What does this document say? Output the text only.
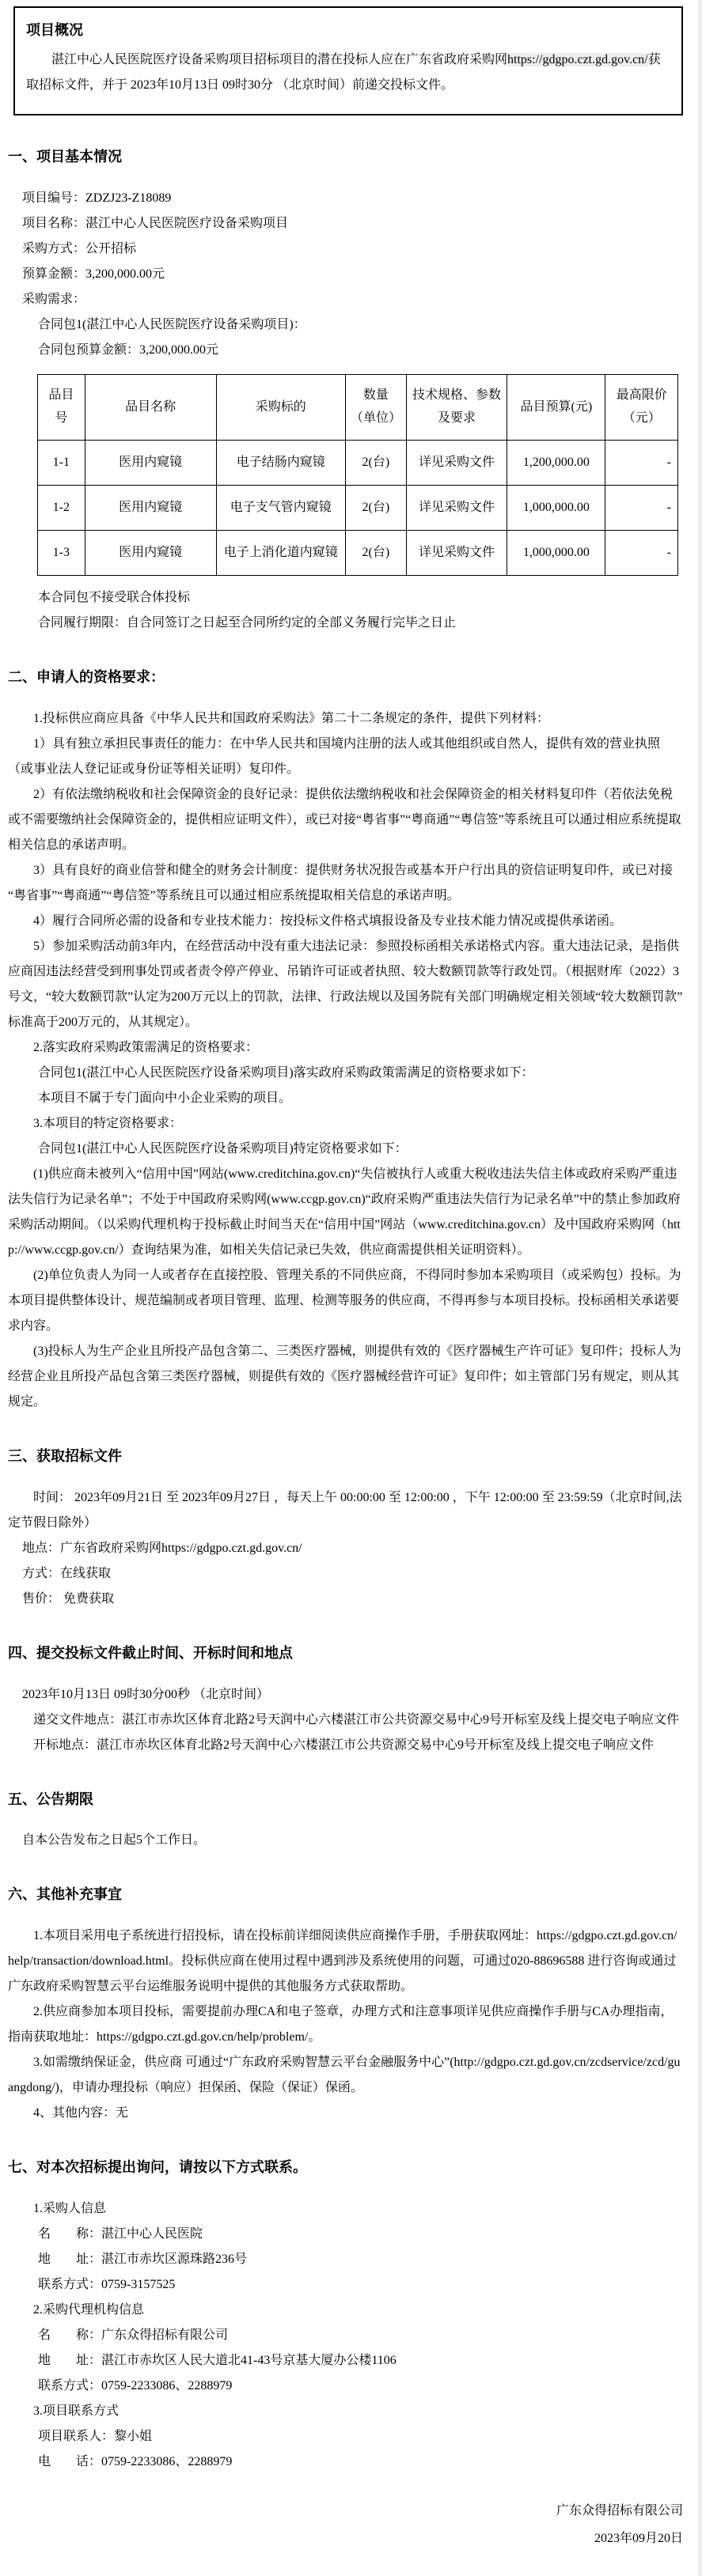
项目概况

湛江中心人民医院医疗设备采购项目招标项目的潜在投标人应在广东省政府采购网https://gdgpo.czt.gd.gov.cn/获取招标文件，并于 2023年10月13日 09时30分 （北京时间）前递交投标文件。

一、项目基本情况
项目编号：ZDZJ23-Z18089
项目名称：湛江中心人民医院医疗设备采购项目
采购方式：公开招标
预算金额：3,200,000.00元
采购需求：
合同包1(湛江中心人民医院医疗设备采购项目)：
合同包预算金额：3,200,000.00元
品目号	品目名称	采购标的	数量（单位）	技术规格、参数及要求	品目预算(元)	最高限价（元）
1-1	医用内窥镜	电子结肠内窥镜	2(台)	详见采购文件	1,200,000.00	-
1-2	医用内窥镜	电子支气管内窥镜	2(台)	详见采购文件	1,000,000.00	-
1-3	医用内窥镜	电子上消化道内窥镜	2(台)	详见采购文件	1,000,000.00	-
本合同包不接受联合体投标
合同履行期限：自合同签订之日起至合同所约定的全部义务履行完毕之日止
二、申请人的资格要求：
1.投标供应商应具备《中华人民共和国政府采购法》第二十二条规定的条件，提供下列材料：
1）具有独立承担民事责任的能力：在中华人民共和国境内注册的法人或其他组织或自然人，提供有效的营业执照（或事业法人登记证或身份证等相关证明）复印件。
2）有依法缴纳税收和社会保障资金的良好记录：提供依法缴纳税收和社会保障资金的相关材料复印件（若依法免税或不需要缴纳社会保障资金的，提供相应证明文件），或已对接“粤省事”“粤商通”“粤信签”等系统且可以通过相应系统提取相关信息的承诺声明。
3）具有良好的商业信誉和健全的财务会计制度：提供财务状况报告或基本开户行出具的资信证明复印件，或已对接“粤省事”“粤商通”“粤信签”等系统且可以通过相应系统提取相关信息的承诺声明。
4）履行合同所必需的设备和专业技术能力：按投标文件格式填报设备及专业技术能力情况或提供承诺函。
5）参加采购活动前3年内，在经营活动中没有重大违法记录：参照投标函相关承诺格式内容。重大违法记录，是指供应商因违法经营受到刑事处罚或者责令停产停业、吊销许可证或者执照、较大数额罚款等行政处罚。（根据财库（2022）3号文，“较大数额罚款”认定为200万元以上的罚款，法律、行政法规以及国务院有关部门明确规定相关领域“较大数额罚款”标准高于200万元的，从其规定）。
2.落实政府采购政策需满足的资格要求：
合同包1(湛江中心人民医院医疗设备采购项目)落实政府采购政策需满足的资格要求如下：
本项目不属于专门面向中小企业采购的项目。
3.本项目的特定资格要求：
合同包1(湛江中心人民医院医疗设备采购项目)特定资格要求如下：
(1)供应商未被列入“信用中国”网站(www.creditchina.gov.cn)“失信被执行人或重大税收违法失信主体或政府采购严重违法失信行为记录名单”；不处于中国政府采购网(www.ccgp.gov.cn)“政府采购严重违法失信行为记录名单”中的禁止参加政府采购活动期间。（以采购代理机构于投标截止时间当天在“信用中国”网站（www.creditchina.gov.cn）及中国政府采购网（http://www.ccgp.gov.cn/）查询结果为准，如相关失信记录已失效，供应商需提供相关证明资料）。
(2)单位负责人为同一人或者存在直接控股、管理关系的不同供应商，不得同时参加本采购项目（或采购包）投标。为本项目提供整体设计、规范编制或者项目管理、监理、检测等服务的供应商，不得再参与本项目投标。投标函相关承诺要求内容。
(3)投标人为生产企业且所投产品包含第二、三类医疗器械，则提供有效的《医疗器械生产许可证》复印件；投标人为经营企业且所投产品包含第三类医疗器械，则提供有效的《医疗器械经营许可证》复印件；如主管部门另有规定，则从其规定。
三、获取招标文件
时间： 2023年09月21日 至 2023年09月27日 ，每天上午 00:00:00 至 12:00:00 ，下午 12:00:00 至 23:59:59（北京时间,法定节假日除外）
地点：广东省政府采购网https://gdgpo.czt.gd.gov.cn/
方式：在线获取
售价： 免费获取
四、提交投标文件截止时间、开标时间和地点
2023年10月13日 09时30分00秒 （北京时间）
递交文件地点：湛江市赤坎区体育北路2号天润中心六楼湛江市公共资源交易中心9号开标室及线上提交电子响应文件
开标地点：湛江市赤坎区体育北路2号天润中心六楼湛江市公共资源交易中心9号开标室及线上提交电子响应文件
五、公告期限
自本公告发布之日起5个工作日。
六、其他补充事宜
1.本项目采用电子系统进行招投标，请在投标前详细阅读供应商操作手册，手册获取网址：https://gdgpo.czt.gd.gov.cn/help/transaction/download.html。投标供应商在使用过程中遇到涉及系统使用的问题，可通过020-88696588 进行咨询或通过广东政府采购智慧云平台运维服务说明中提供的其他服务方式获取帮助。
2.供应商参加本项目投标，需要提前办理CA和电子签章，办理方式和注意事项详见供应商操作手册与CA办理指南，指南获取地址：https://gdgpo.czt.gd.gov.cn/help/problem/。
3.如需缴纳保证金，供应商 可通过“广东政府采购智慧云平台金融服务中心”(http://gdgpo.czt.gd.gov.cn/zcdservice/zcd/guangdong/)，申请办理投标（响应）担保函、保险（保证）保函。
4、其他内容：无
七、对本次招标提出询问，请按以下方式联系。
1.采购人信息
名　　称：湛江中心人民医院
地　　址：湛江市赤坎区源珠路236号
联系方式：0759-3157525
2.采购代理机构信息
名　　称：广东众得招标有限公司
地　　址：湛江市赤坎区人民大道北41-43号京基大厦办公楼1106
联系方式：0759-2233086、2288979
3.项目联系方式
项目联系人：黎小姐
电　　话：0759-2233086、2288979
广东众得招标有限公司
2023年09月20日
